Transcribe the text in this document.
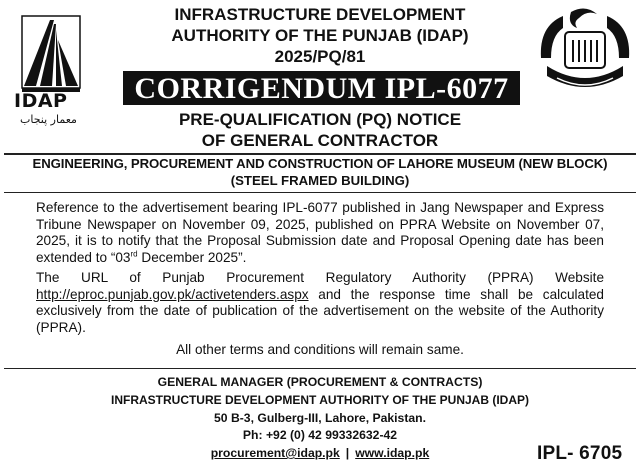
IDAP
معمار پنجاب
INFRASTRUCTURE DEVELOPMENT
AUTHORITY OF THE PUNJAB (IDAP)
2025/PQ/81
CORRIGENDUM IPL-6077
PRE-QUALIFICATION (PQ) NOTICE
OF GENERAL CONTRACTOR
ENGINEERING, PROCUREMENT AND CONSTRUCTION OF LAHORE MUSEUM (NEW BLOCK)
(STEEL FRAMED BUILDING)

Reference to the advertisement bearing IPL-6077 published in Jang Newspaper and Express Tribune Newspaper on November 09, 2025, published on PPRA Website on November 07, 2025, it is to notify that the Proposal Submission date and Proposal Opening date has been extended to “03rd December 2025”.

The URL of Punjab Procurement Regulatory Authority (PPRA) Website http://eproc.punjab.gov.pk/activetenders.aspx and the response time shall be calculated exclusively from the date of publication of the advertisement on the website of the Authority (PPRA).

All other terms and conditions will remain same.

GENERAL MANAGER (PROCUREMENT & CONTRACTS)
INFRASTRUCTURE DEVELOPMENT AUTHORITY OF THE PUNJAB (IDAP)
50 B-3, Gulberg-III, Lahore, Pakistan.
Ph: +92 (0) 42 99332632-42
procurement@idap.pk | www.idap.pk	IPL- 6705
